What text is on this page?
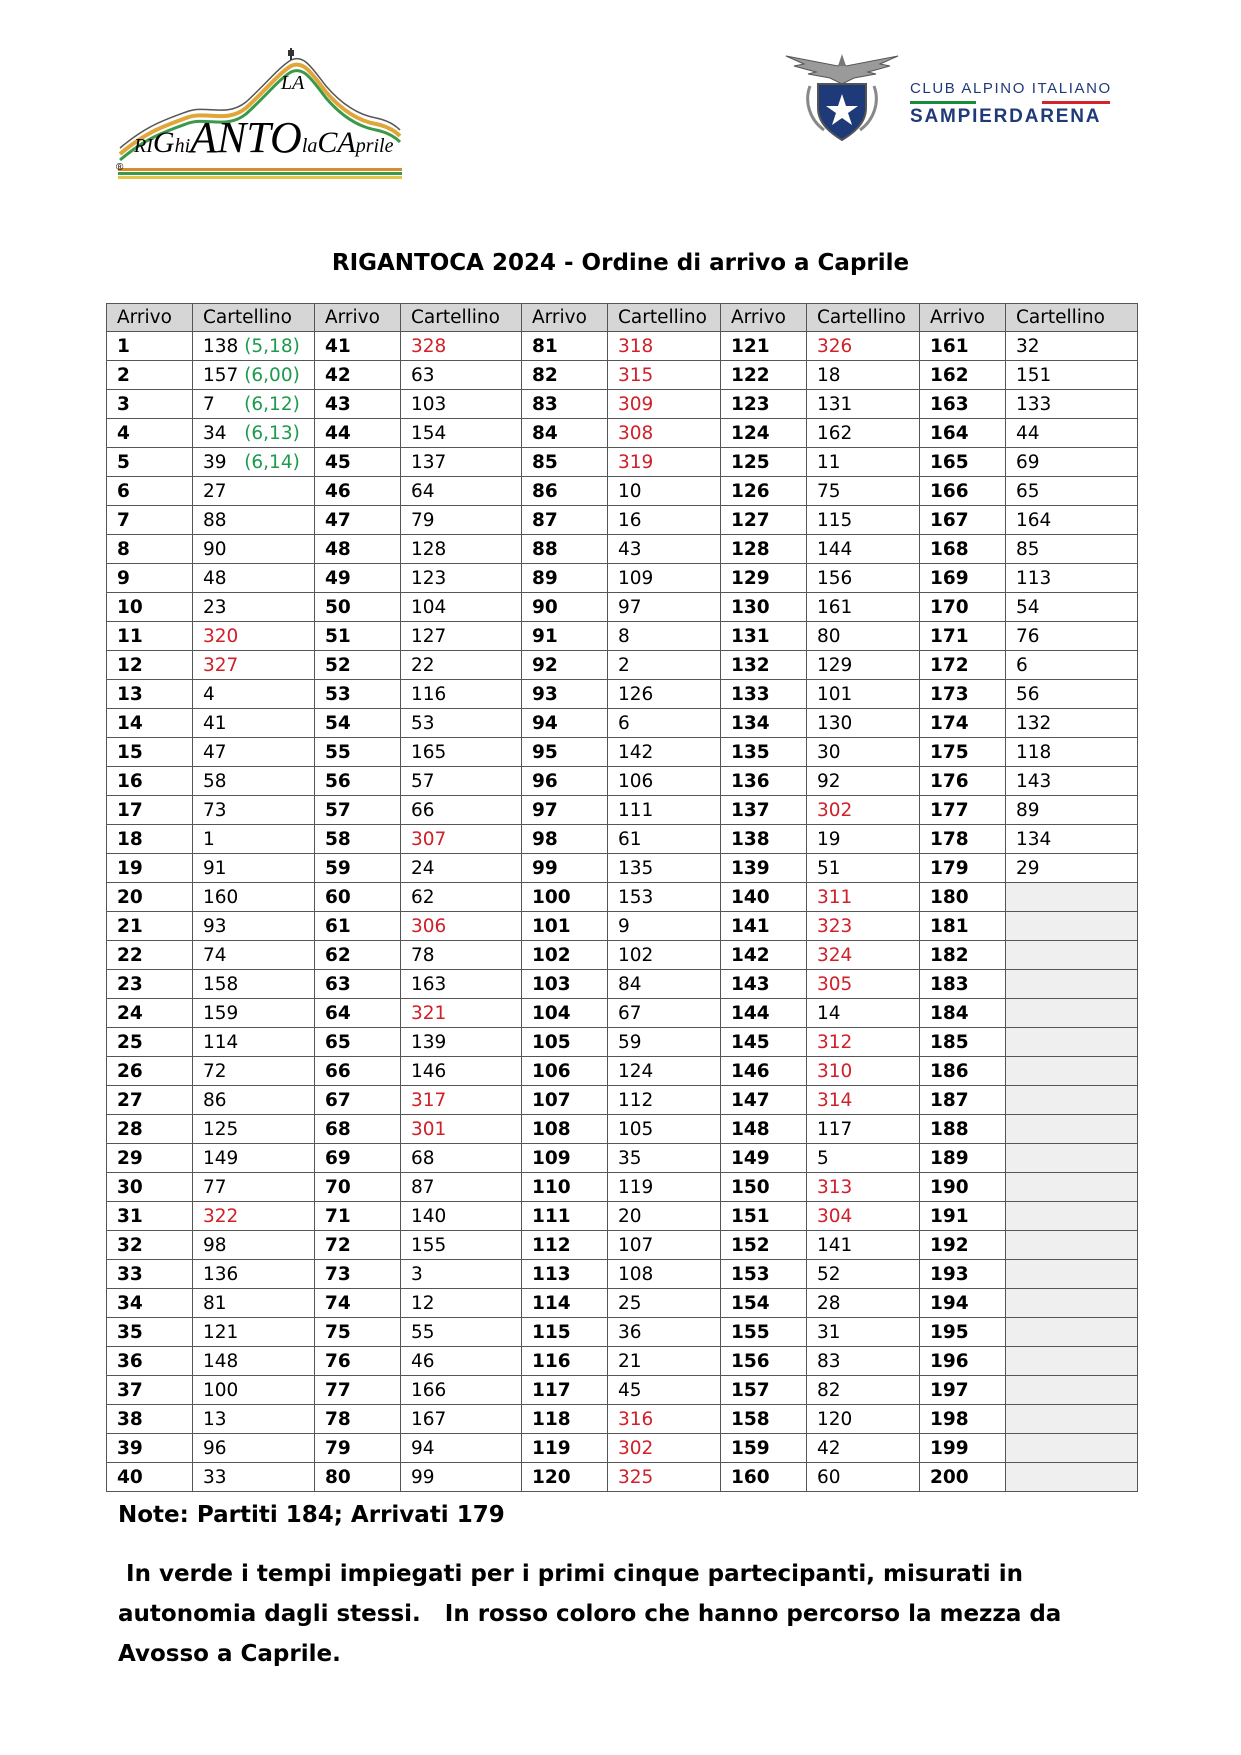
LA
RIGhiANTOlaCAprile
®
CLUB ALPINO ITALIANO
SAMPIERDARENA
RIGANTOCA 2024 - Ordine di arrivo a Caprile
Arrivo	Cartellino	Arrivo	Cartellino	Arrivo	Cartellino	Arrivo	Cartellino	Arrivo	Cartellino
1	138 (5,18)	41	328	81	318	121	326	161	32
2	157 (6,00)	42	63	82	315	122	18	162	151
3	7     (6,12)	43	103	83	309	123	131	163	133
4	34   (6,13)	44	154	84	308	124	162	164	44
5	39   (6,14)	45	137	85	319	125	11	165	69
6	27	46	64	86	10	126	75	166	65
7	88	47	79	87	16	127	115	167	164
8	90	48	128	88	43	128	144	168	85
9	48	49	123	89	109	129	156	169	113
10	23	50	104	90	97	130	161	170	54
11	320	51	127	91	8	131	80	171	76
12	327	52	22	92	2	132	129	172	6
13	4	53	116	93	126	133	101	173	56
14	41	54	53	94	6	134	130	174	132
15	47	55	165	95	142	135	30	175	118
16	58	56	57	96	106	136	92	176	143
17	73	57	66	97	111	137	302	177	89
18	1	58	307	98	61	138	19	178	134
19	91	59	24	99	135	139	51	179	29
20	160	60	62	100	153	140	311	180	
21	93	61	306	101	9	141	323	181	
22	74	62	78	102	102	142	324	182	
23	158	63	163	103	84	143	305	183	
24	159	64	321	104	67	144	14	184	
25	114	65	139	105	59	145	312	185	
26	72	66	146	106	124	146	310	186	
27	86	67	317	107	112	147	314	187	
28	125	68	301	108	105	148	117	188	
29	149	69	68	109	35	149	5	189	
30	77	70	87	110	119	150	313	190	
31	322	71	140	111	20	151	304	191	
32	98	72	155	112	107	152	141	192	
33	136	73	3	113	108	153	52	193	
34	81	74	12	114	25	154	28	194	
35	121	75	55	115	36	155	31	195	
36	148	76	46	116	21	156	83	196	
37	100	77	166	117	45	157	82	197	
38	13	78	167	118	316	158	120	198	
39	96	79	94	119	302	159	42	199	
40	33	80	99	120	325	160	60	200	
Note: Partiti 184; Arrivati 179
In verde i tempi impiegati per i primi cinque partecipanti, misurati in autonomia dagli stessi.   In rosso coloro che hanno percorso la mezza da Avosso a Caprile.
